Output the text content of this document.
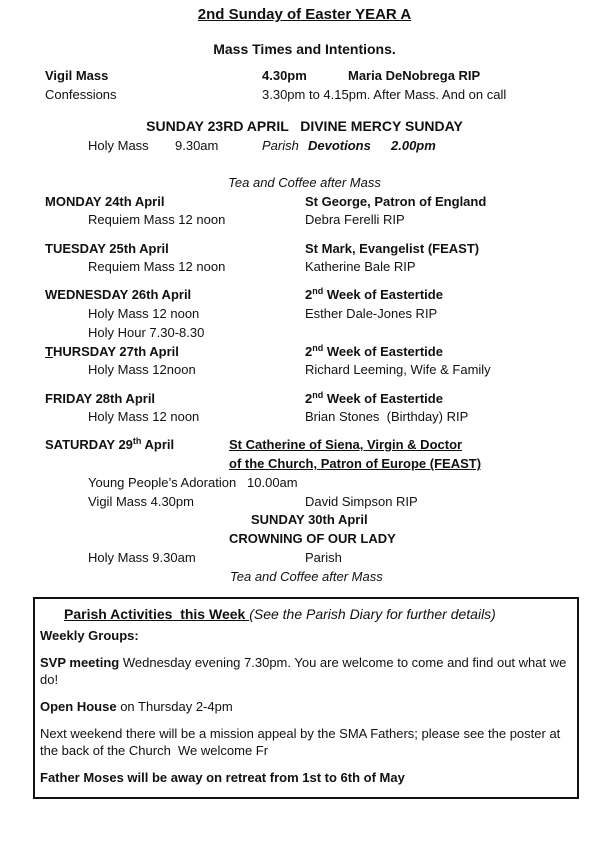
2nd Sunday of Easter YEAR A
Mass Times and Intentions.
Vigil Mass	4.30pm	Maria DeNobrega RIP
Confessions	3.30pm to 4.15pm. After Mass. And on call
SUNDAY 23RD APRIL   DIVINE MERCY SUNDAY
Holy Mass 9.30am	Parish Devotions 2.00pm
Tea and Coffee after Mass
MONDAY 24th April	St George, Patron of England
Requiem Mass 12 noon	Debra Ferelli RIP
TUESDAY 25th April	St Mark, Evangelist (FEAST)
Requiem Mass 12 noon	Katherine Bale RIP
WEDNESDAY 26th April	2nd Week of Eastertide
Holy Mass 12 noon	Esther Dale-Jones RIP
Holy Hour 7.30-8.30
THURSDAY 27th April	2nd Week of Eastertide
Holy Mass 12noon	Richard Leeming, Wife & Family
FRIDAY 28th April	2nd Week of Eastertide
Holy Mass 12 noon	Brian Stones  (Birthday) RIP
SATURDAY 29th April	St Catherine of Siena, Virgin & Doctor
of the Church, Patron of Europe (FEAST)
Young People’s Adoration   10.00am
Vigil Mass 4.30pm	David Simpson RIP
SUNDAY 30th April
CROWNING OF OUR LADY
Holy Mass 9.30am	Parish
Tea and Coffee after Mass
Parish Activities  this Week (See the Parish Diary for further details)
Weekly Groups:
SVP meeting Wednesday evening 7.30pm. You are welcome to come and find out what we do!
Open House on Thursday 2-4pm
Next weekend there will be a mission appeal by the SMA Fathers; please see the poster at the back of the Church  We welcome Fr
Father Moses will be away on retreat from 1st to 6th of May
